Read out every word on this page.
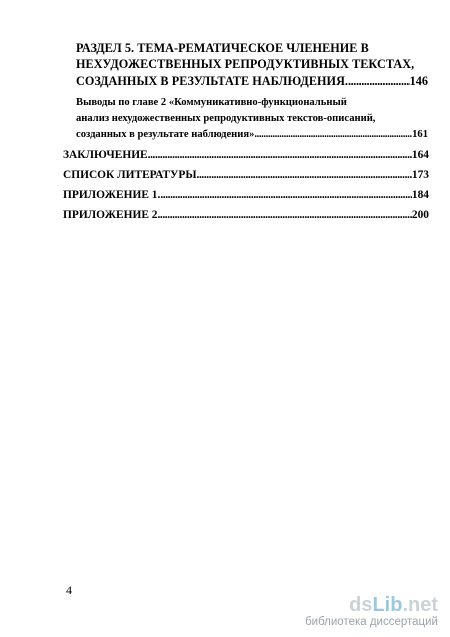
РАЗДЕЛ 5. ТЕМА-РЕМАТИЧЕСКОЕ ЧЛЕНЕНИЕ В
НЕХУДОЖЕСТВЕННЫХ РЕПРОДУКТИВНЫХ ТЕКСТАХ,
СОЗДАННЫХ В РЕЗУЛЬТАТЕ НАБЛЮДЕНИЯ. .....	146
Выводы по главе 2 «Коммуникативно-функциональный
анализ нехудожественных репродуктивных текстов-описаний,
созданных в результате наблюдения» .....	161
ЗАКЛЮЧЕНИЕ .....	164
СПИСОК ЛИТЕРАТУРЫ .....	173
ПРИЛОЖЕНИЕ 1. .....	184
ПРИЛОЖЕНИЕ 2 .....	200
4
dsLib.net
библиотека диссертаций
